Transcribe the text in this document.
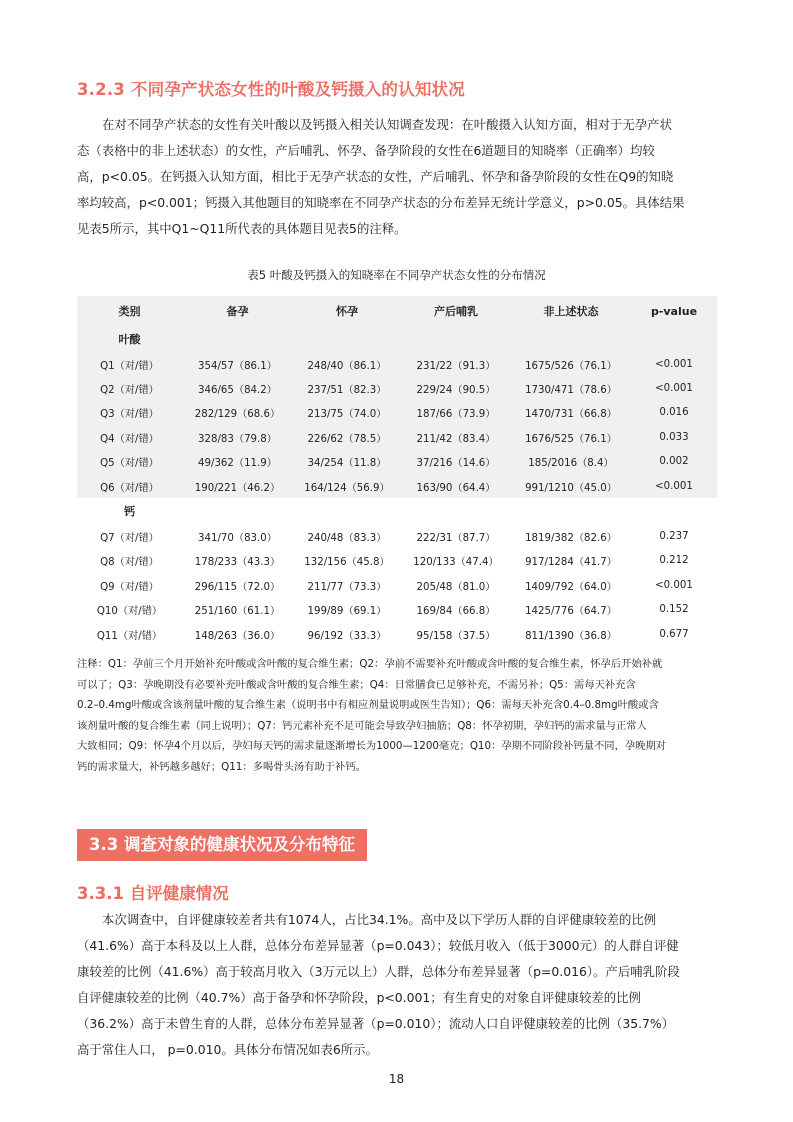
3.2.3 不同孕产状态女性的叶酸及钙摄入的认知状况
在对不同孕产状态的女性有关叶酸以及钙摄入相关认知调查发现：在叶酸摄入认知方面，相对于无孕产状
态（表格中的非上述状态）的女性，产后哺乳、怀孕、备孕阶段的女性在6道题目的知晓率（正确率）均较
高，p<0.05。在钙摄入认知方面，相比于无孕产状态的女性，产后哺乳、怀孕和备孕阶段的女性在Q9的知晓
率均较高，p<0.001；钙摄入其他题目的知晓率在不同孕产状态的分布差异无统计学意义，p>0.05。具体结果
见表5所示，其中Q1~Q11所代表的具体题目见表5的注释。
表5 叶酸及钙摄入的知晓率在不同孕产状态女性的分布情况
类别	备孕	怀孕	产后哺乳	非上述状态	p-value
叶酸					
Q1（对/错）	354/57（86.1）	248/40（86.1）	231/22（91.3）	1675/526（76.1）	<0.001
Q2（对/错）	346/65（84.2）	237/51（82.3）	229/24（90.5）	1730/471（78.6）	<0.001
Q3（对/错）	282/129（68.6）	213/75（74.0）	187/66（73.9）	1470/731（66.8）	0.016
Q4（对/错）	328/83（79.8）	226/62（78.5）	211/42（83.4）	1676/525（76.1）	0.033
Q5（对/错）	49/362（11.9）	34/254（11.8）	37/216（14.6）	185/2016（8.4）	0.002
Q6（对/错）	190/221（46.2）	164/124（56.9）	163/90（64.4）	991/1210（45.0）	<0.001
钙					
Q7（对/错）	341/70（83.0）	240/48（83.3）	222/31（87.7）	1819/382（82.6）	0.237
Q8（对/错）	178/233（43.3）	132/156（45.8）	120/133（47.4）	917/1284（41.7）	0.212
Q9（对/错）	296/115（72.0）	211/77（73.3）	205/48（81.0）	1409/792（64.0）	<0.001
Q10（对/错）	251/160（61.1）	199/89（69.1）	169/84（66.8）	1425/776（64.7）	0.152
Q11（对/错）	148/263（36.0）	96/192（33.3）	95/158（37.5）	811/1390（36.8）	0.677
注释：Q1：孕前三个月开始补充叶酸或含叶酸的复合维生素；Q2：孕前不需要补充叶酸或含叶酸的复合维生素，怀孕后开始补就
可以了；Q3：孕晚期没有必要补充叶酸或含叶酸的复合维生素；Q4：日常膳食已足够补充，不需另补；Q5：需每天补充含
0.2–0.4mg叶酸或含该剂量叶酸的复合维生素（说明书中有相应剂量说明或医生告知）；Q6：需每天补充含0.4–0.8mg叶酸或含
该剂量叶酸的复合维生素（同上说明）；Q7：钙元素补充不足可能会导致孕妇抽筋；Q8：怀孕初期，孕妇钙的需求量与正常人
大致相同；Q9：怀孕4个月以后，孕妇每天钙的需求量逐渐增长为1000—1200毫克；Q10：孕期不同阶段补钙量不同，孕晚期对
钙的需求量大，补钙越多越好；Q11：多喝骨头汤有助于补钙。
3.3 调查对象的健康状况及分布特征
3.3.1 自评健康情况
本次调查中，自评健康较差者共有1074人，占比34.1%。高中及以下学历人群的自评健康较差的比例
（41.6%）高于本科及以上人群，总体分布差异显著（p=0.043）；较低月收入（低于3000元）的人群自评健
康较差的比例（41.6%）高于较高月收入（3万元以上）人群，总体分布差异显著（p=0.016）。产后哺乳阶段
自评健康较差的比例（40.7%）高于备孕和怀孕阶段，p<0.001；有生育史的对象自评健康较差的比例
（36.2%）高于未曾生育的人群，总体分布差异显著（p=0.010）；流动人口自评健康较差的比例（35.7%）
高于常住人口， p=0.010。具体分布情况如表6所示。
18
